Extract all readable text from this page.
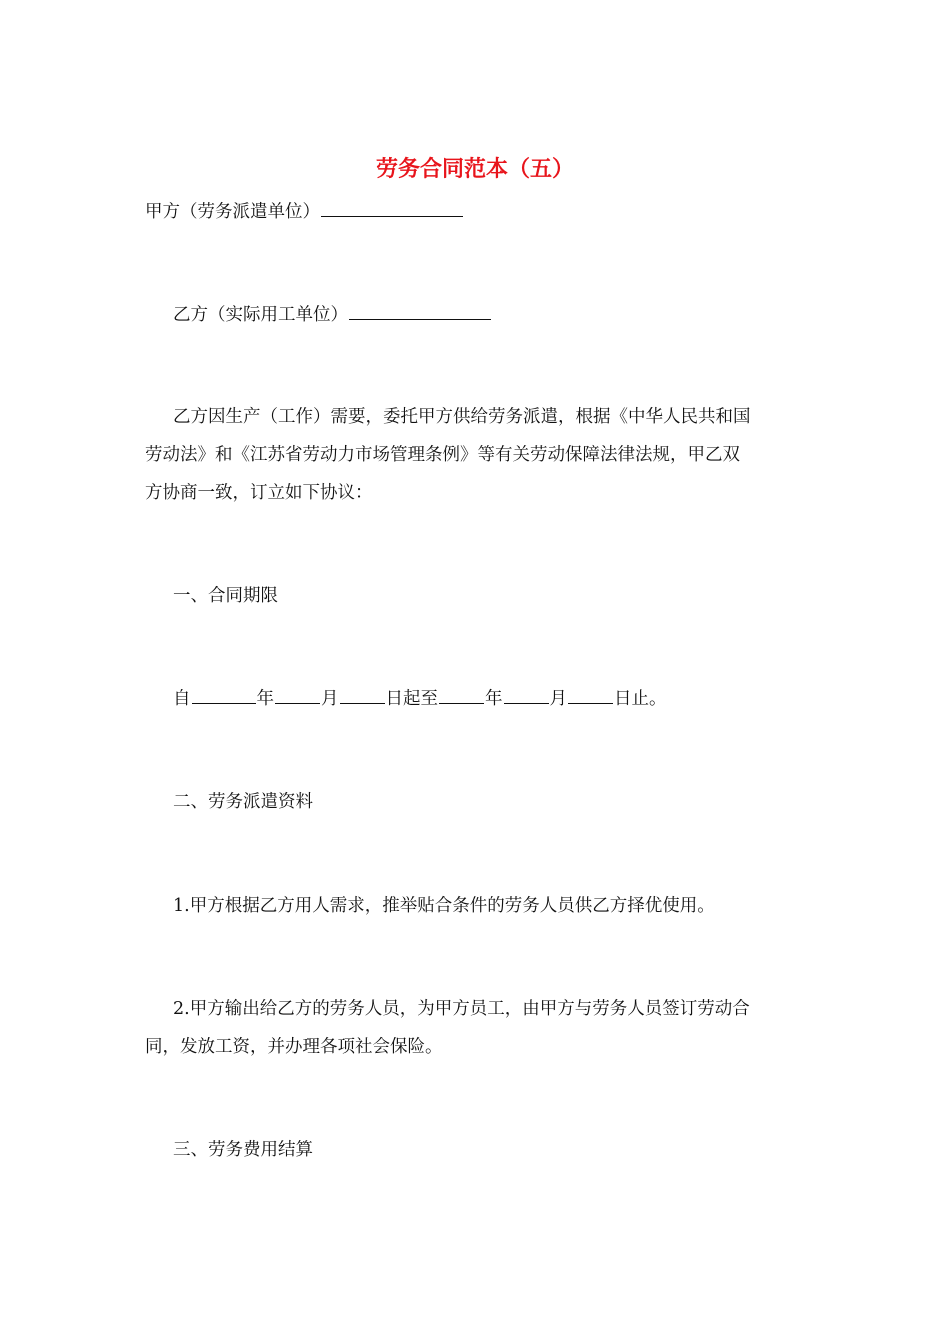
劳务合同范本（五）
甲方（劳务派遣单位）
乙方（实际用工单位）
乙方因生产（工作）需要，委托甲方供给劳务派遣，根据《中华人民共和国
劳动法》和《江苏省劳动力市场管理条例》等有关劳动保障法律法规，甲乙双
方协商一致，订立如下协议：
一、合同期限
自	年	月	日起至	年	月	日止。
二、劳务派遣资料
1.甲方根据乙方用人需求，推举贴合条件的劳务人员供乙方择优使用。
2.甲方输出给乙方的劳务人员，为甲方员工，由甲方与劳务人员签订劳动合
同，发放工资，并办理各项社会保险。
三、劳务费用结算
